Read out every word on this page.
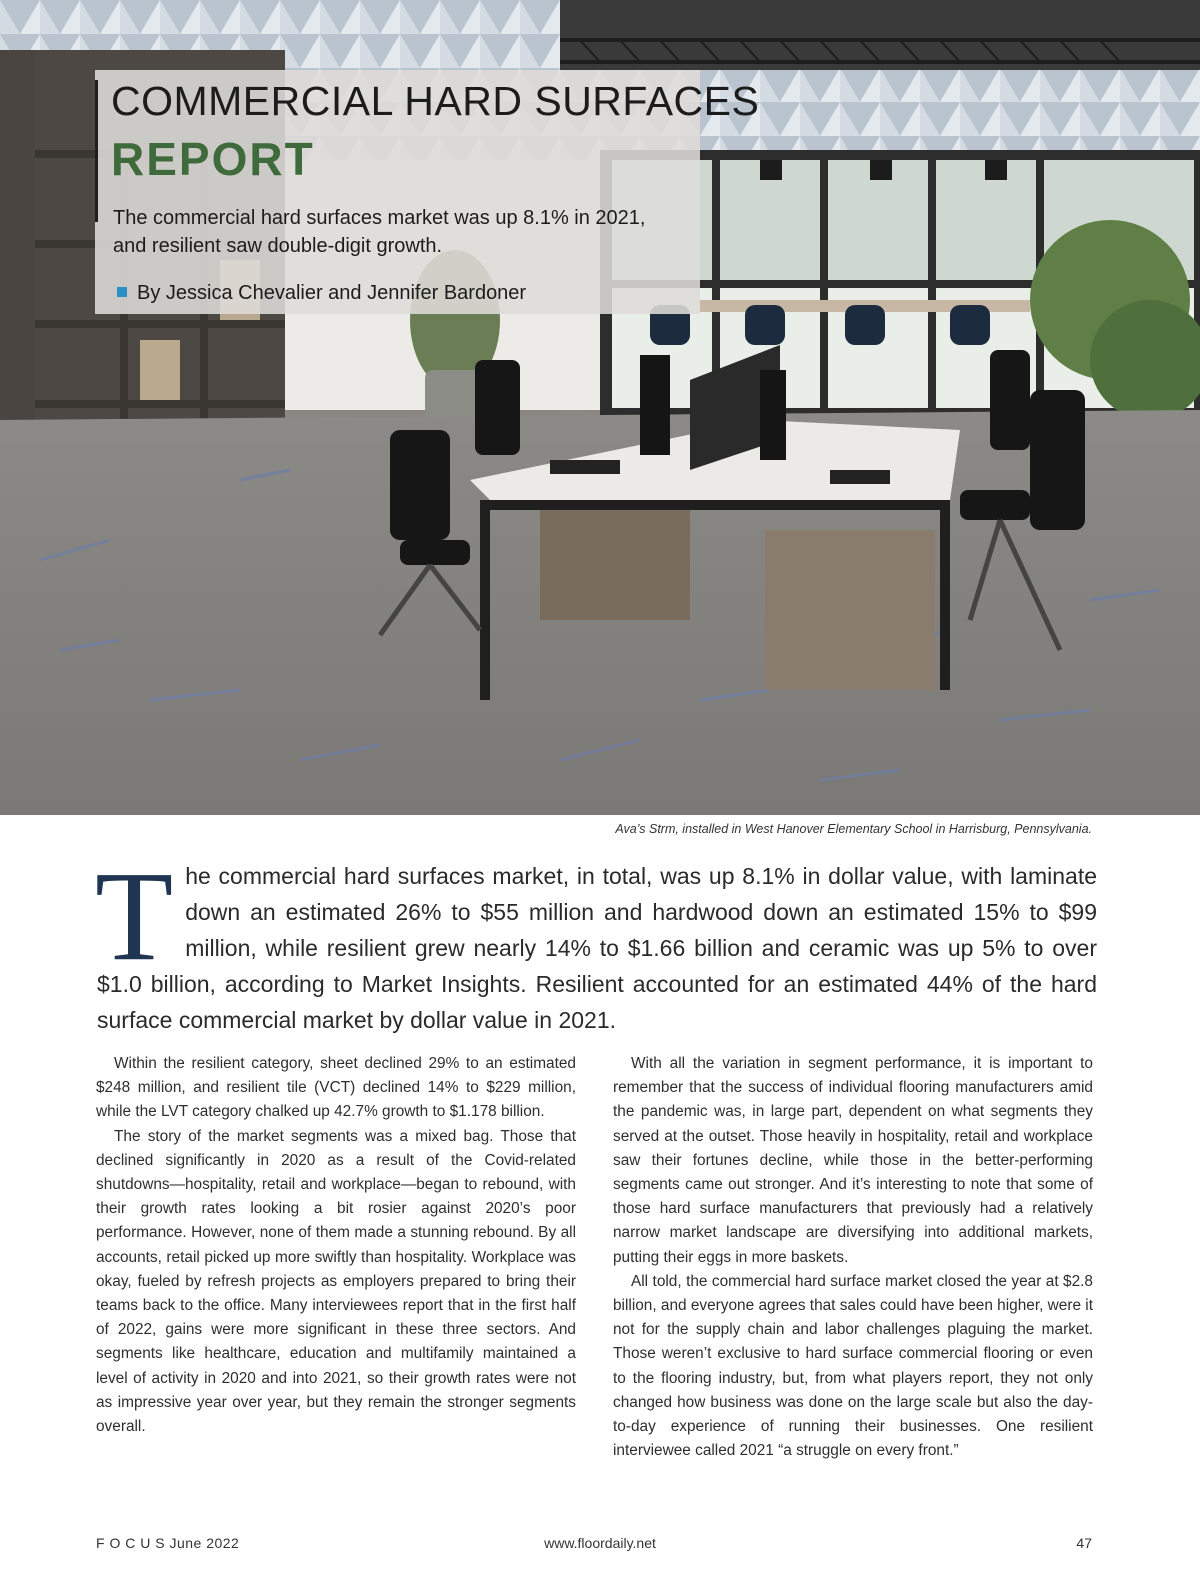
COMMERCIAL HARD SURFACES
REPORT
The commercial hard surfaces market was up 8.1% in 2021, and resilient saw double-digit growth.
By Jessica Chevalier and Jennifer Bardoner
Ava’s Strm, installed in West Hanover Elementary School in Harrisburg, Pennsylvania.
The commercial hard surfaces market, in total, was up 8.1% in dollar value, with laminate down an estimated 26% to $55 million and hardwood down an estimated 15% to $99 million, while resilient grew nearly 14% to $1.66 billion and ceramic was up 5% to over $1.0 billion, according to Market Insights. Resilient accounted for an estimated 44% of the hard surface commercial market by dollar value in 2021.

Within the resilient category, sheet declined 29% to an estimated $248 million, and resilient tile (VCT) declined 14% to $229 million, while the LVT category chalked up 42.7% growth to $1.178 billion.

The story of the market segments was a mixed bag. Those that declined significantly in 2020 as a result of the Covid-related shutdowns—hospitality, retail and workplace—began to rebound, with their growth rates looking a bit rosier against 2020’s poor performance. However, none of them made a stunning rebound. By all accounts, retail picked up more swiftly than hospitality. Workplace was okay, fueled by refresh projects as employers prepared to bring their teams back to the office. Many interviewees report that in the first half of 2022, gains were more significant in these three sectors. And segments like healthcare, education and multifamily maintained a level of activity in 2020 and into 2021, so their growth rates were not as impressive year over year, but they remain the stronger segments overall.

With all the variation in segment performance, it is important to remember that the success of individual flooring manufacturers amid the pandemic was, in large part, dependent on what segments they served at the outset. Those heavily in hospitality, retail and workplace saw their fortunes decline, while those in the better-performing segments came out stronger. And it’s interesting to note that some of those hard surface manufacturers that previously had a relatively narrow market landscape are diversifying into additional markets, putting their eggs in more baskets.

All told, the commercial hard surface market closed the year at $2.8 billion, and everyone agrees that sales could have been higher, were it not for the supply chain and labor challenges plaguing the market. Those weren’t exclusive to hard surface commercial flooring or even to the flooring industry, but, from what players report, they not only changed how business was done on the large scale but also the day-to-day experience of running their businesses. One resilient interviewee called 2021 “a struggle on every front.”

F O C U S June 2022	www.floordaily.net	47
